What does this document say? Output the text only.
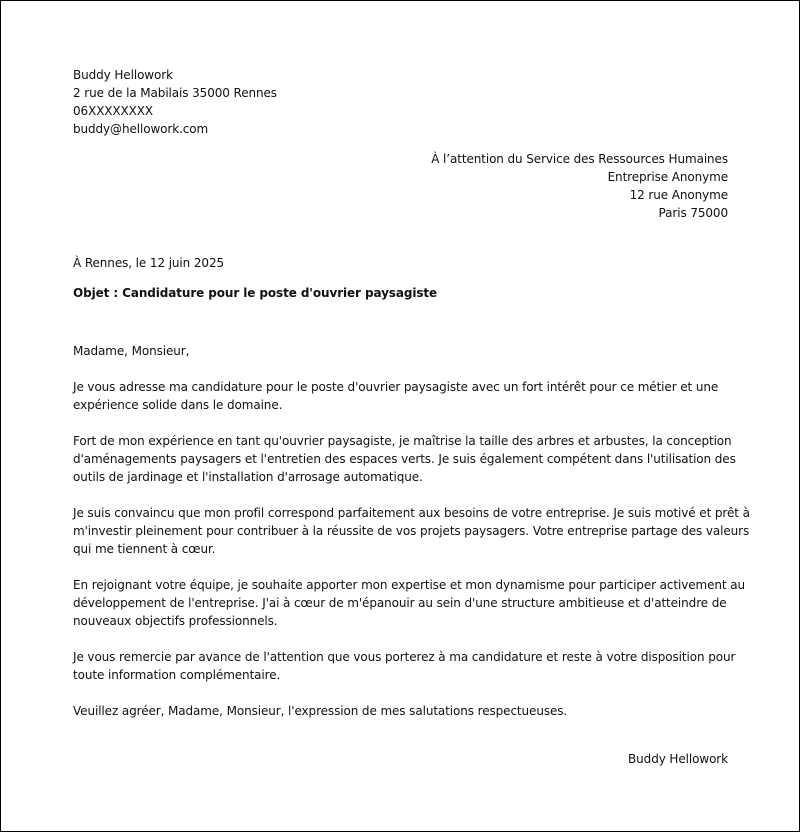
Buddy Hellowork
2 rue de la Mabilais 35000 Rennes
06XXXXXXXX
buddy@hellowork.com
À l’attention du Service des Ressources Humaines
Entreprise Anonyme
12 rue Anonyme
Paris 75000
À Rennes, le 12 juin 2025
Objet : Candidature pour le poste d'ouvrier paysagiste

Madame, Monsieur,

Je vous adresse ma candidature pour le poste d'ouvrier paysagiste avec un fort intérêt pour ce métier et une
expérience solide dans le domaine.

Fort de mon expérience en tant qu'ouvrier paysagiste, je maîtrise la taille des arbres et arbustes, la conception
d'aménagements paysagers et l'entretien des espaces verts. Je suis également compétent dans l'utilisation des
outils de jardinage et l'installation d'arrosage automatique.

Je suis convaincu que mon profil correspond parfaitement aux besoins de votre entreprise. Je suis motivé et prêt à
m'investir pleinement pour contribuer à la réussite de vos projets paysagers. Votre entreprise partage des valeurs
qui me tiennent à cœur.

En rejoignant votre équipe, je souhaite apporter mon expertise et mon dynamisme pour participer activement au
développement de l'entreprise. J'ai à cœur de m'épanouir au sein d'une structure ambitieuse et d'atteindre de
nouveaux objectifs professionnels.

Je vous remercie par avance de l'attention que vous porterez à ma candidature et reste à votre disposition pour
toute information complémentaire.

Veuillez agréer, Madame, Monsieur, l'expression de mes salutations respectueuses.

Buddy Hellowork
